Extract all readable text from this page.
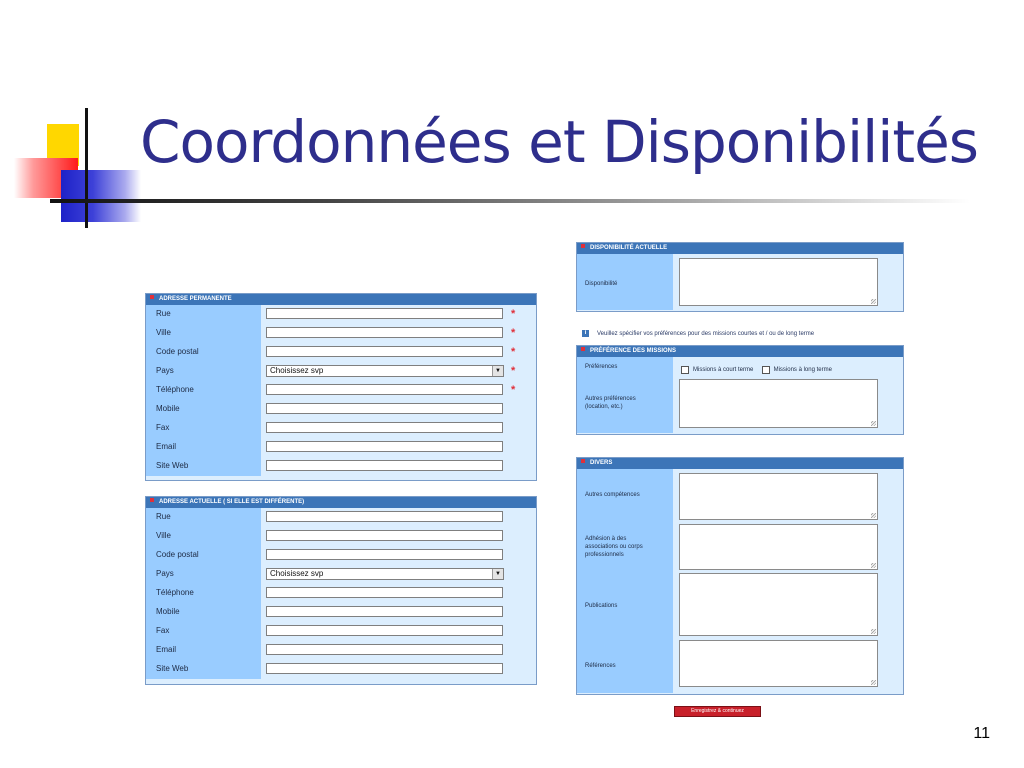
Coordonnées et Disponibilités
11
ADRESSE PERMANENTE
Rue	*
Ville	*
Code postal	*
Pays	Choisissez svp	▼ *
Téléphone	*
Mobile
Fax
Email
Site Web
ADRESSE ACTUELLE ( SI ELLE EST DIFFÉRENTE)
Rue
Ville
Code postal
Pays	Choisissez svp	▼
Téléphone
Mobile
Fax
Email
Site Web
DISPONIBILITÉ ACTUELLE
Disponibilité
i Veuillez spécifier vos préférences pour des missions courtes et / ou de long terme
PRÉFÉRENCE DES MISSIONS
Préférences	Missions à court terme	Missions à long terme
Autres préférences (location, etc.)
DIVERS
Autres compétences
Adhésion à des associations ou corps professionnels
Publications
Références
Enregistrez & continuez
